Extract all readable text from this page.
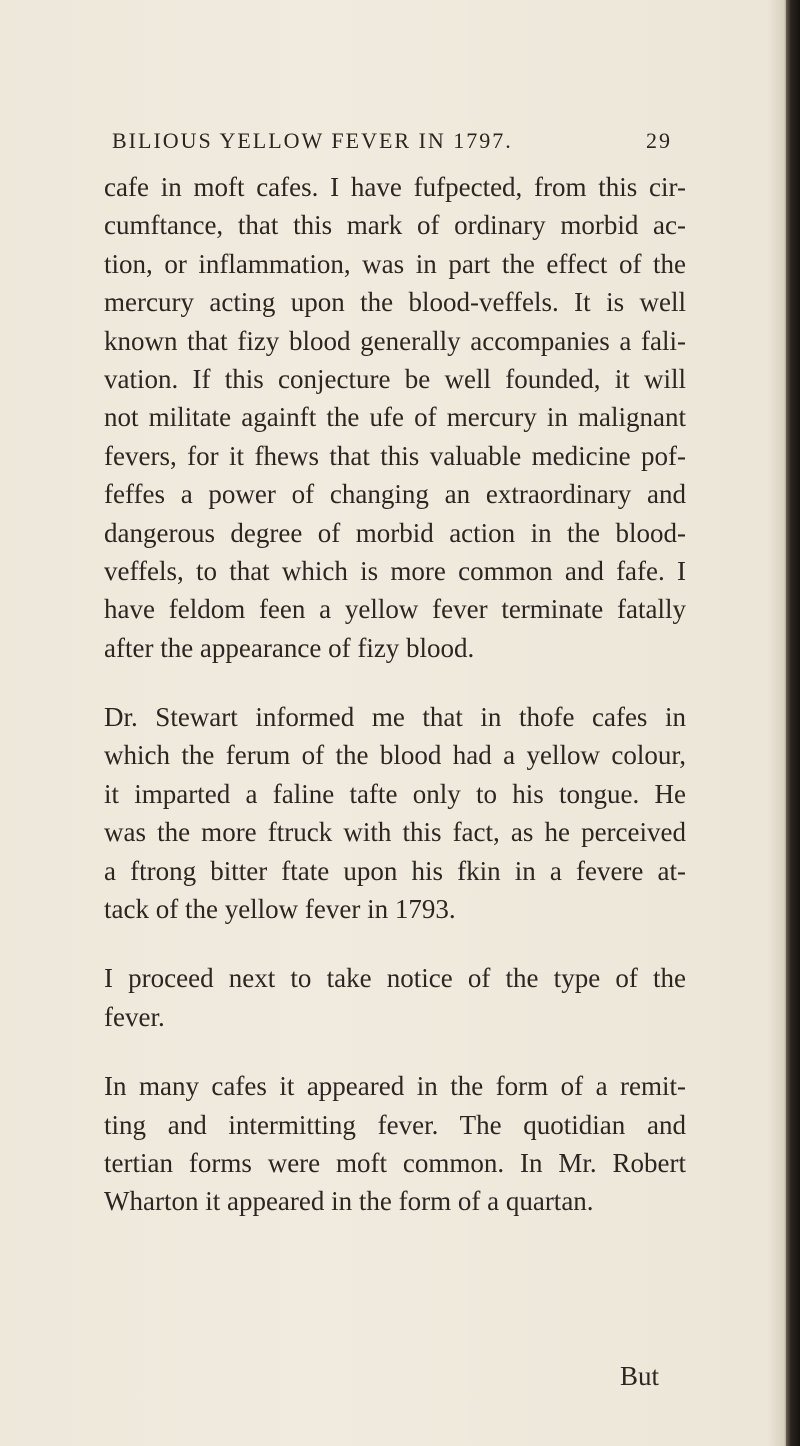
BILIOUS YELLOW FEVER IN 1797.	29

cafe in moft cafes. I have fufpected, from this cir-
cumftance, that this mark of ordinary morbid ac-
tion, or inflammation, was in part the effect of the
mercury acting upon the blood-veffels. It is well
known that fizy blood generally accompanies a fali-
vation. If this conjecture be well founded, it will
not militate againft the ufe of mercury in malignant
fevers, for it fhews that this valuable medicine pof-
feffes a power of changing an extraordinary and
dangerous degree of morbid action in the blood-
veffels, to that which is more common and fafe. I
have feldom feen a yellow fever terminate fatally
after the appearance of fizy blood.

Dr. Stewart informed me that in thofe cafes in
which the ferum of the blood had a yellow colour,
it imparted a faline tafte only to his tongue. He
was the more ftruck with this fact, as he perceived
a ftrong bitter ftate upon his fkin in a fevere at-
tack of the yellow fever in 1793.

I proceed next to take notice of the type of the
fever.

In many cafes it appeared in the form of a remit-
ting and intermitting fever. The quotidian and
tertian forms were moft common. In Mr. Robert
Wharton it appeared in the form of a quartan.

But
